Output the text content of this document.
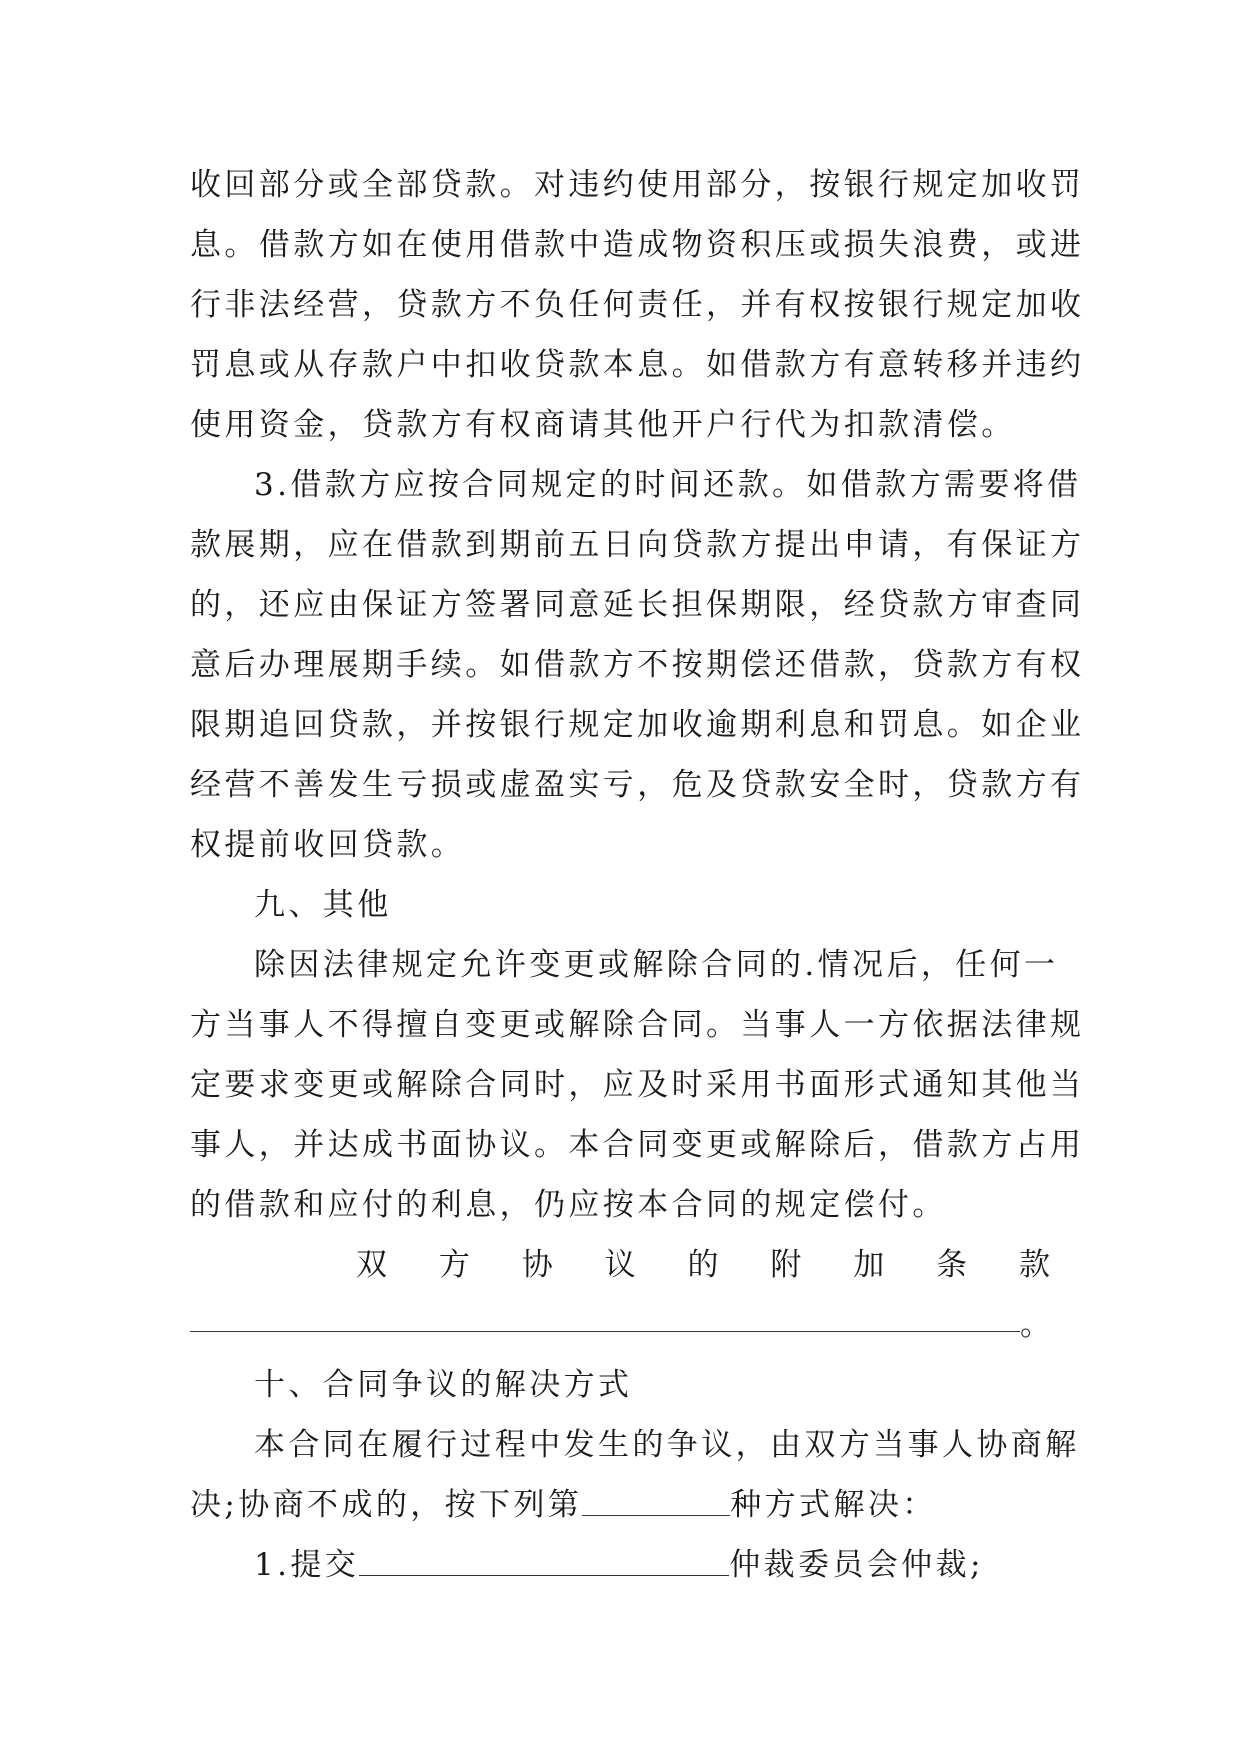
收回部分或全部贷款。对违约使用部分，按银行规定加收罚
息。借款方如在使用借款中造成物资积压或损失浪费，或进
行非法经营，贷款方不负任何责任，并有权按银行规定加收
罚息或从存款户中扣收贷款本息。如借款方有意转移并违约
使用资金，贷款方有权商请其他开户行代为扣款清偿。
3.借款方应按合同规定的时间还款。如借款方需要将借
款展期，应在借款到期前五日向贷款方提出申请，有保证方
的，还应由保证方签署同意延长担保期限，经贷款方审查同
意后办理展期手续。如借款方不按期偿还借款，贷款方有权
限期追回贷款，并按银行规定加收逾期利息和罚息。如企业
经营不善发生亏损或虚盈实亏，危及贷款安全时，贷款方有
权提前收回贷款。
九、其他
除因法律规定允许变更或解除合同的.情况后，任何一
方当事人不得擅自变更或解除合同。当事人一方依据法律规
定要求变更或解除合同时，应及时采用书面形式通知其他当
事人，并达成书面协议。本合同变更或解除后，借款方占用
的借款和应付的利息，仍应按本合同的规定偿付。
双 方 协 议 的 附 加 条 款
。
十、合同争议的解决方式
本合同在履行过程中发生的争议，由双方当事人协商解
决;协商不成的，按下列第	种方式解决：
1.提交	仲裁委员会仲裁;
